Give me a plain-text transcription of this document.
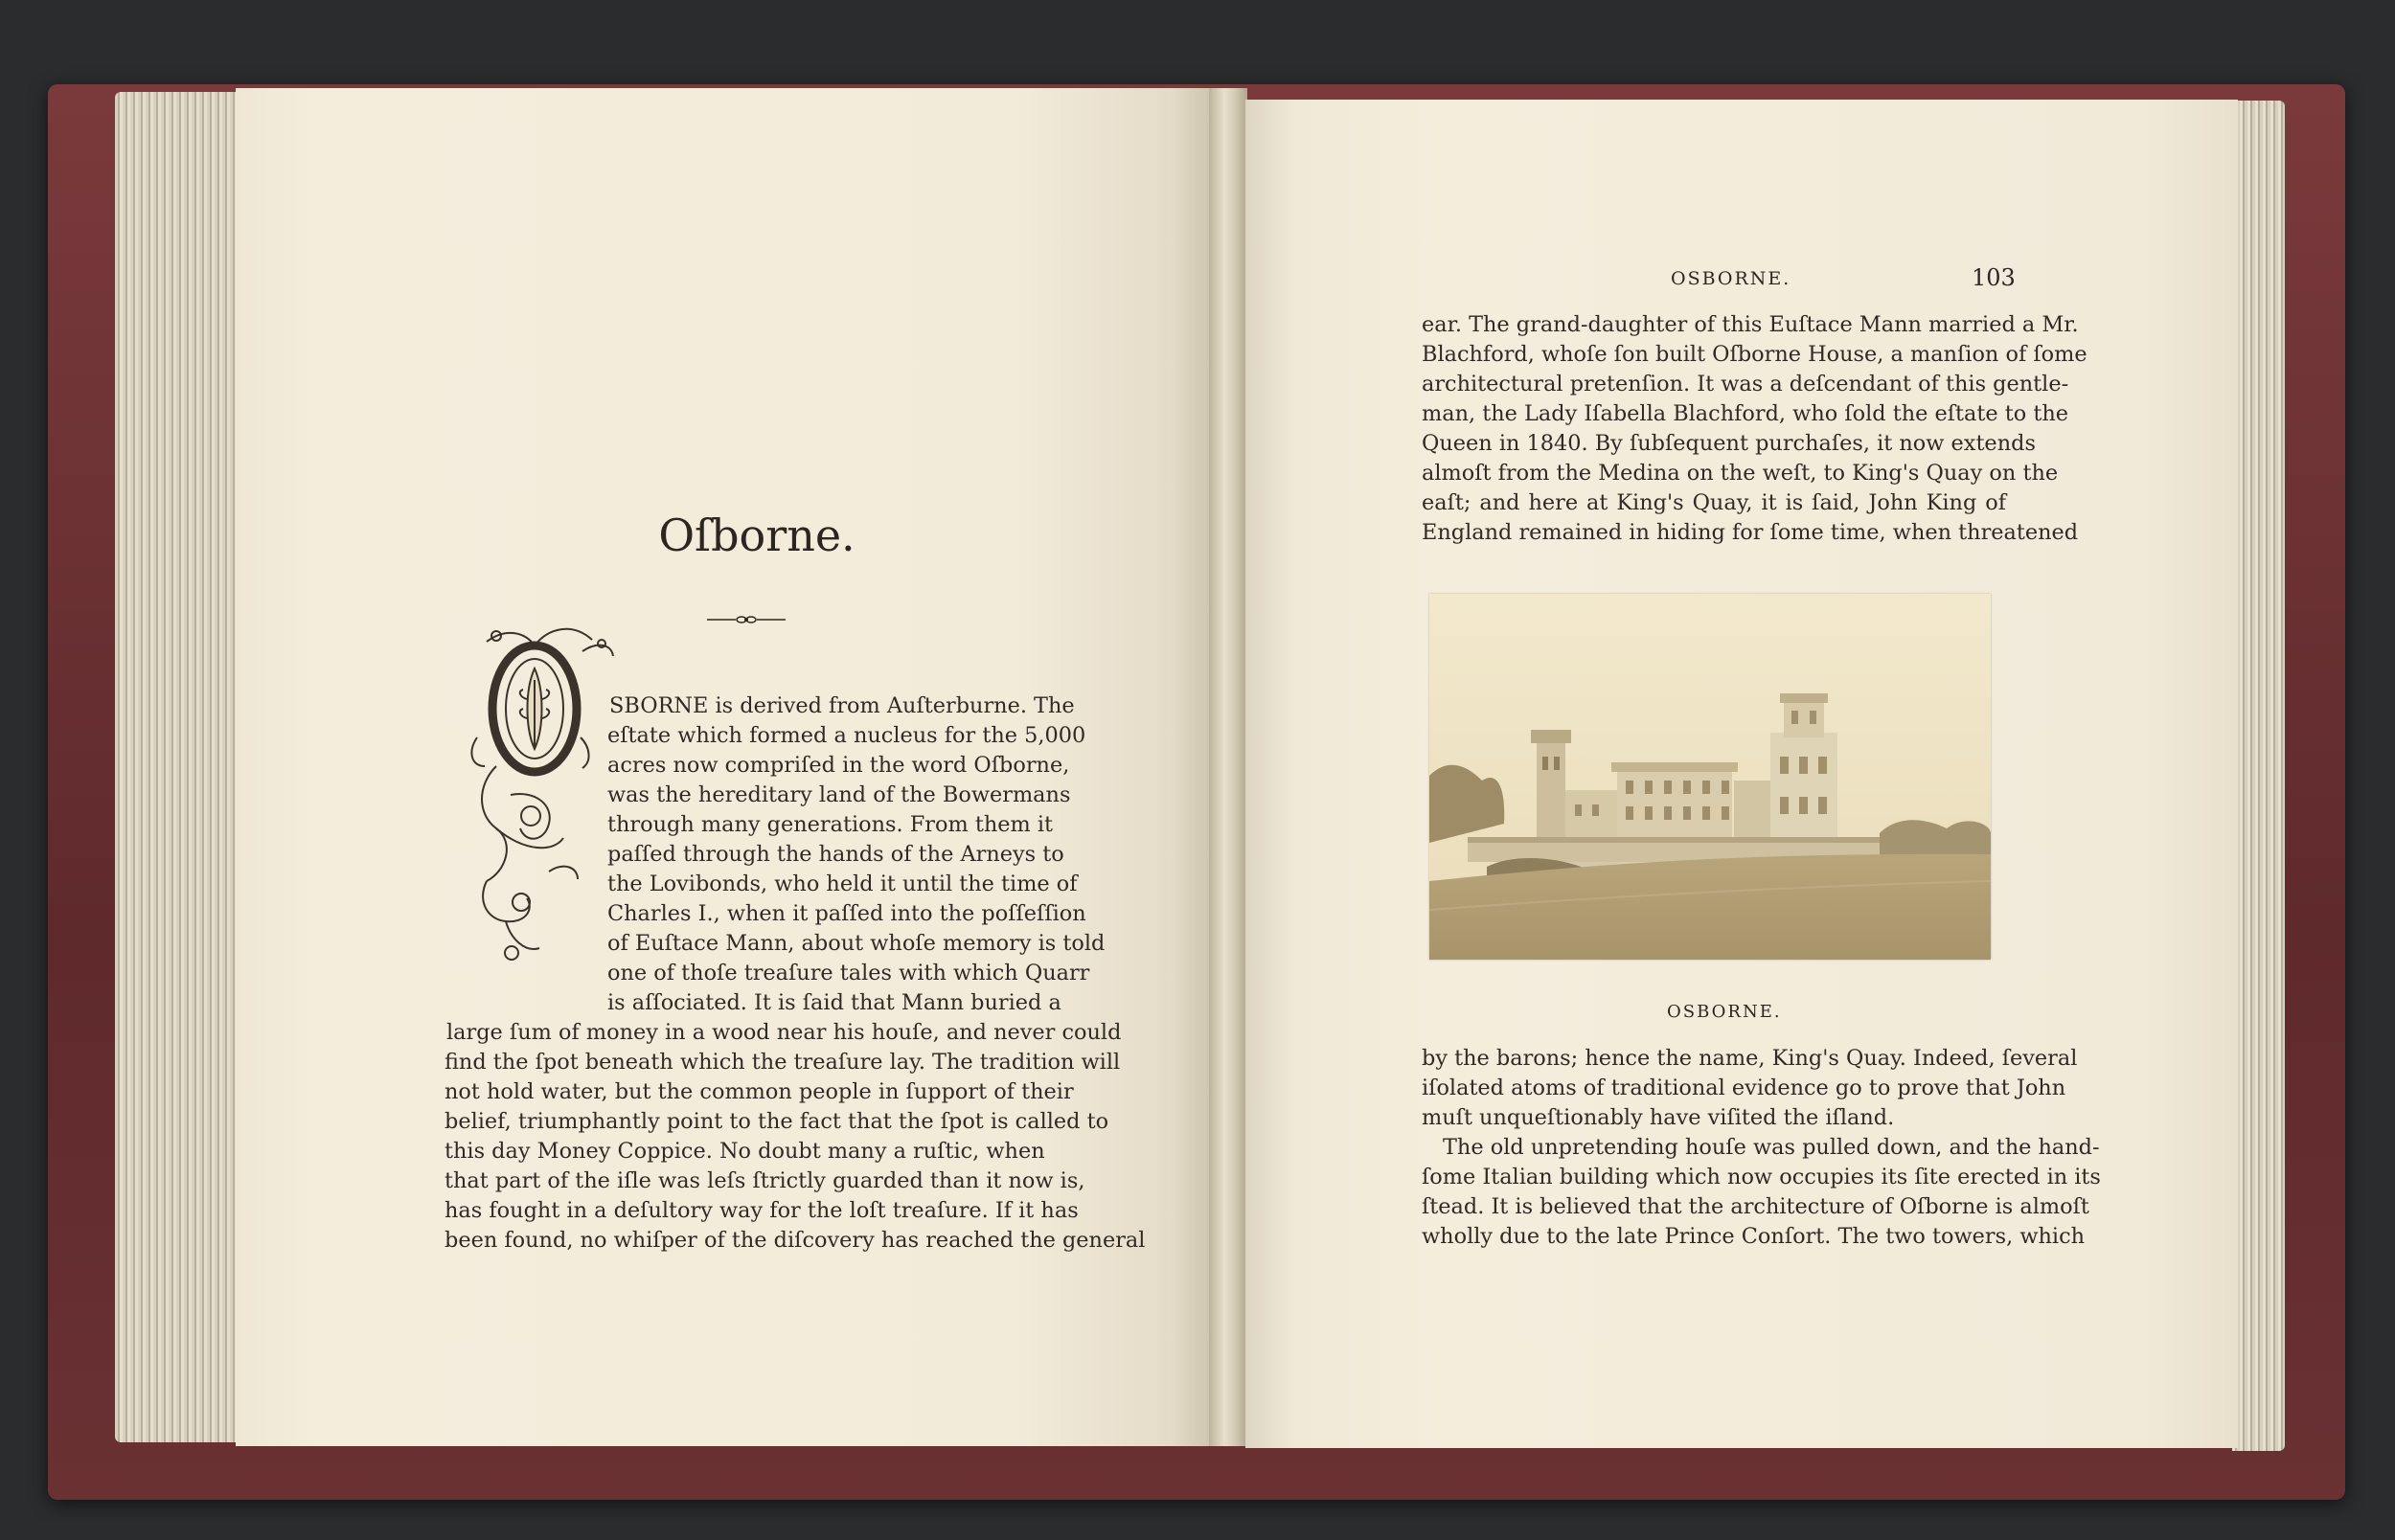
Oſborne.
SBORNE is derived from Auſterburne. The
eſtate which formed a nucleus for the 5,000
acres now compriſed in the word Oſborne,
was the hereditary land of the Bowermans
through many generations. From them it
paſſed through the hands of the Arneys to
the Lovibonds, who held it until the time of
Charles I., when it paſſed into the poſſeſſion
of Euſtace Mann, about whoſe memory is told
one of thoſe treaſure tales with which Quarr
is aſſociated. It is ſaid that Mann buried a
large ſum of money in a wood near his houſe, and never could
find the ſpot beneath which the treaſure lay. The tradition will
not hold water, but the common people in ſupport of their
belief, triumphantly point to the fact that the ſpot is called to
this day Money Coppice. No doubt many a ruſtic, when
that part of the iſle was leſs ſtrictly guarded than it now is,
has fought in a deſultory way for the loſt treaſure. If it has
been found, no whiſper of the diſcovery has reached the general
OSBORNE.	103
ear. The grand-daughter of this Euſtace Mann married a Mr.
Blachford, whoſe ſon built Oſborne House, a manſion of ſome
architectural pretenſion. It was a deſcendant of this gentle-
man, the Lady Iſabella Blachford, who ſold the eſtate to the
Queen in 1840. By ſubſequent purchaſes, it now extends
almoſt from the Medina on the weſt, to King's Quay on the
eaſt; and here at King's Quay, it is ſaid, John King of
England remained in hiding for ſome time, when threatened
OSBORNE.
by the barons; hence the name, King's Quay. Indeed, ſeveral
iſolated atoms of traditional evidence go to prove that John
muſt unqueſtionably have viſited the iſland.
The old unpretending houſe was pulled down, and the hand-
ſome Italian building which now occupies its ſite erected in its
ſtead. It is believed that the architecture of Oſborne is almoſt
wholly due to the late Prince Conſort. The two towers, which
